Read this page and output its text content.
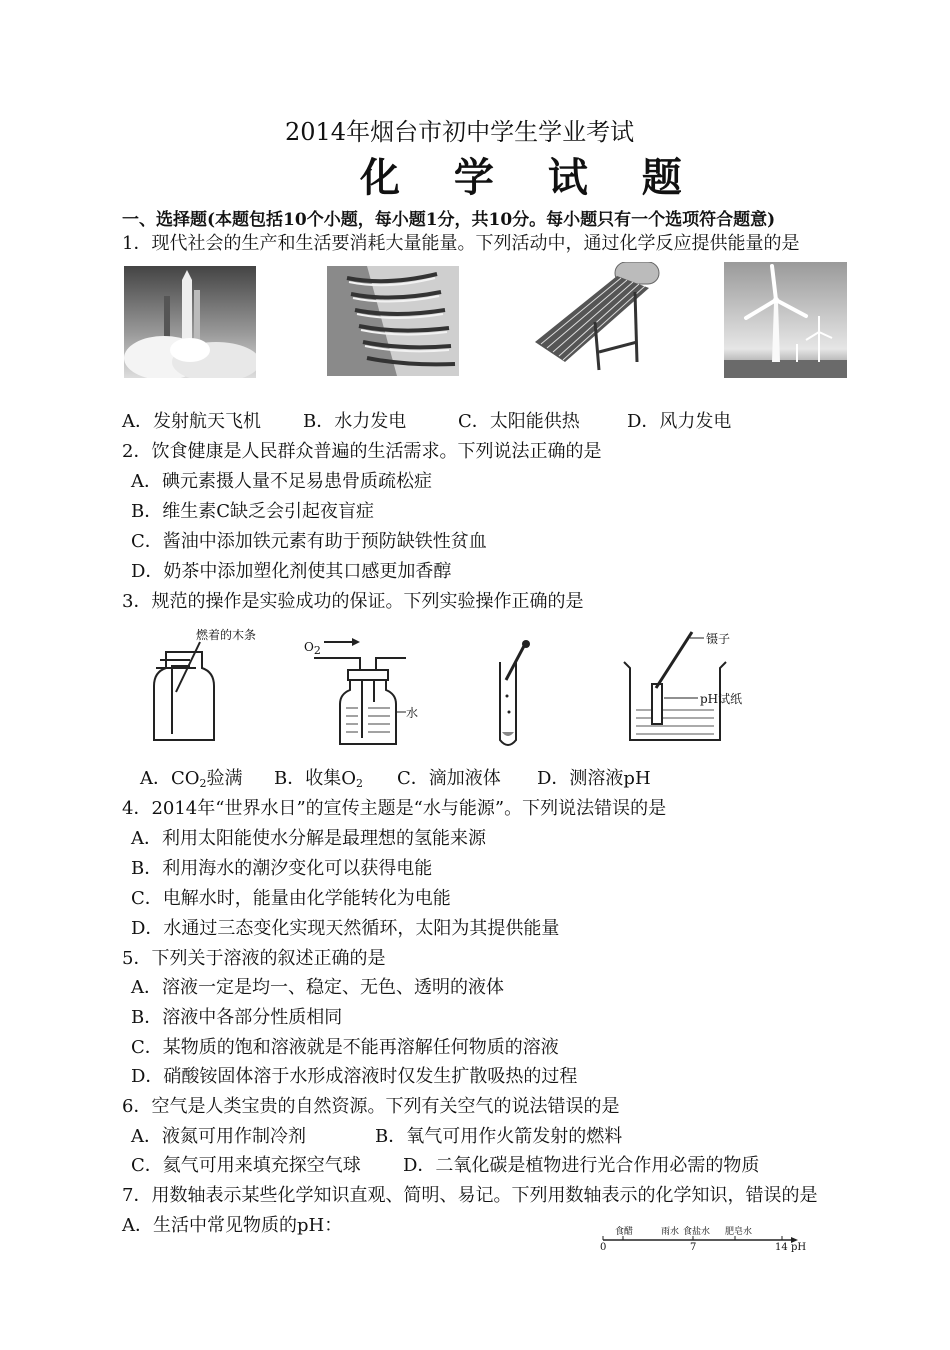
2014年烟台市初中学生学业考试
化 学 试 题
一、选择题(本题包括10个小题，每小题1分，共10分。每小题只有一个选项符合题意)
1．现代社会的生产和生活要消耗大量能量。下列活动中，通过化学反应提供能量的是
A．发射航天飞机 B．水力发电	C．太阳能供热	D．风力发电
2．饮食健康是人民群众普遍的生活需求。下列说法正确的是
A．碘元素摄人量不足易患骨质疏松症
B．维生素C缺乏会引起夜盲症
C．酱油中添加铁元素有助于预防缺铁性贫血
D．奶茶中添加塑化剂使其口感更加香醇
3．规范的操作是实验成功的保证。下列实验操作正确的是
燃着的木条
$O_2$
水
镊子
pH试纸
A．$CO_2$验满 B．收集$O_2$ C．滴加液体 D．测溶液pH
4．2014年“世界水日”的宣传主题是“水与能源”。下列说法错误的是
A．利用太阳能使水分解是最理想的氢能来源
B．利用海水的潮汐变化可以获得电能
C．电解水时，能量由化学能转化为电能
D．水通过三态变化实现天然循环，太阳为其提供能量
5．下列关于溶液的叙述正确的是
A．溶液一定是均一、稳定、无色、透明的液体
B．溶液中各部分性质相同
C．某物质的饱和溶液就是不能再溶解任何物质的溶液
D．硝酸铵固体溶于水形成溶液时仅发生扩散吸热的过程
6．空气是人类宝贵的自然资源。下列有关空气的说法错误的是
A．液氮可用作制冷剂	B．氧气可用作火箭发射的燃料
C．氦气可用来填充探空气球 D．二氧化碳是植物进行光合作用必需的物质
7．用数轴表示某些化学知识直观、简明、易记。下列用数轴表示的化学知识，错误的是
A．生活中常见物质的pH：	食醋	雨水 食盐水 肥皂水
0	7	14 pH
